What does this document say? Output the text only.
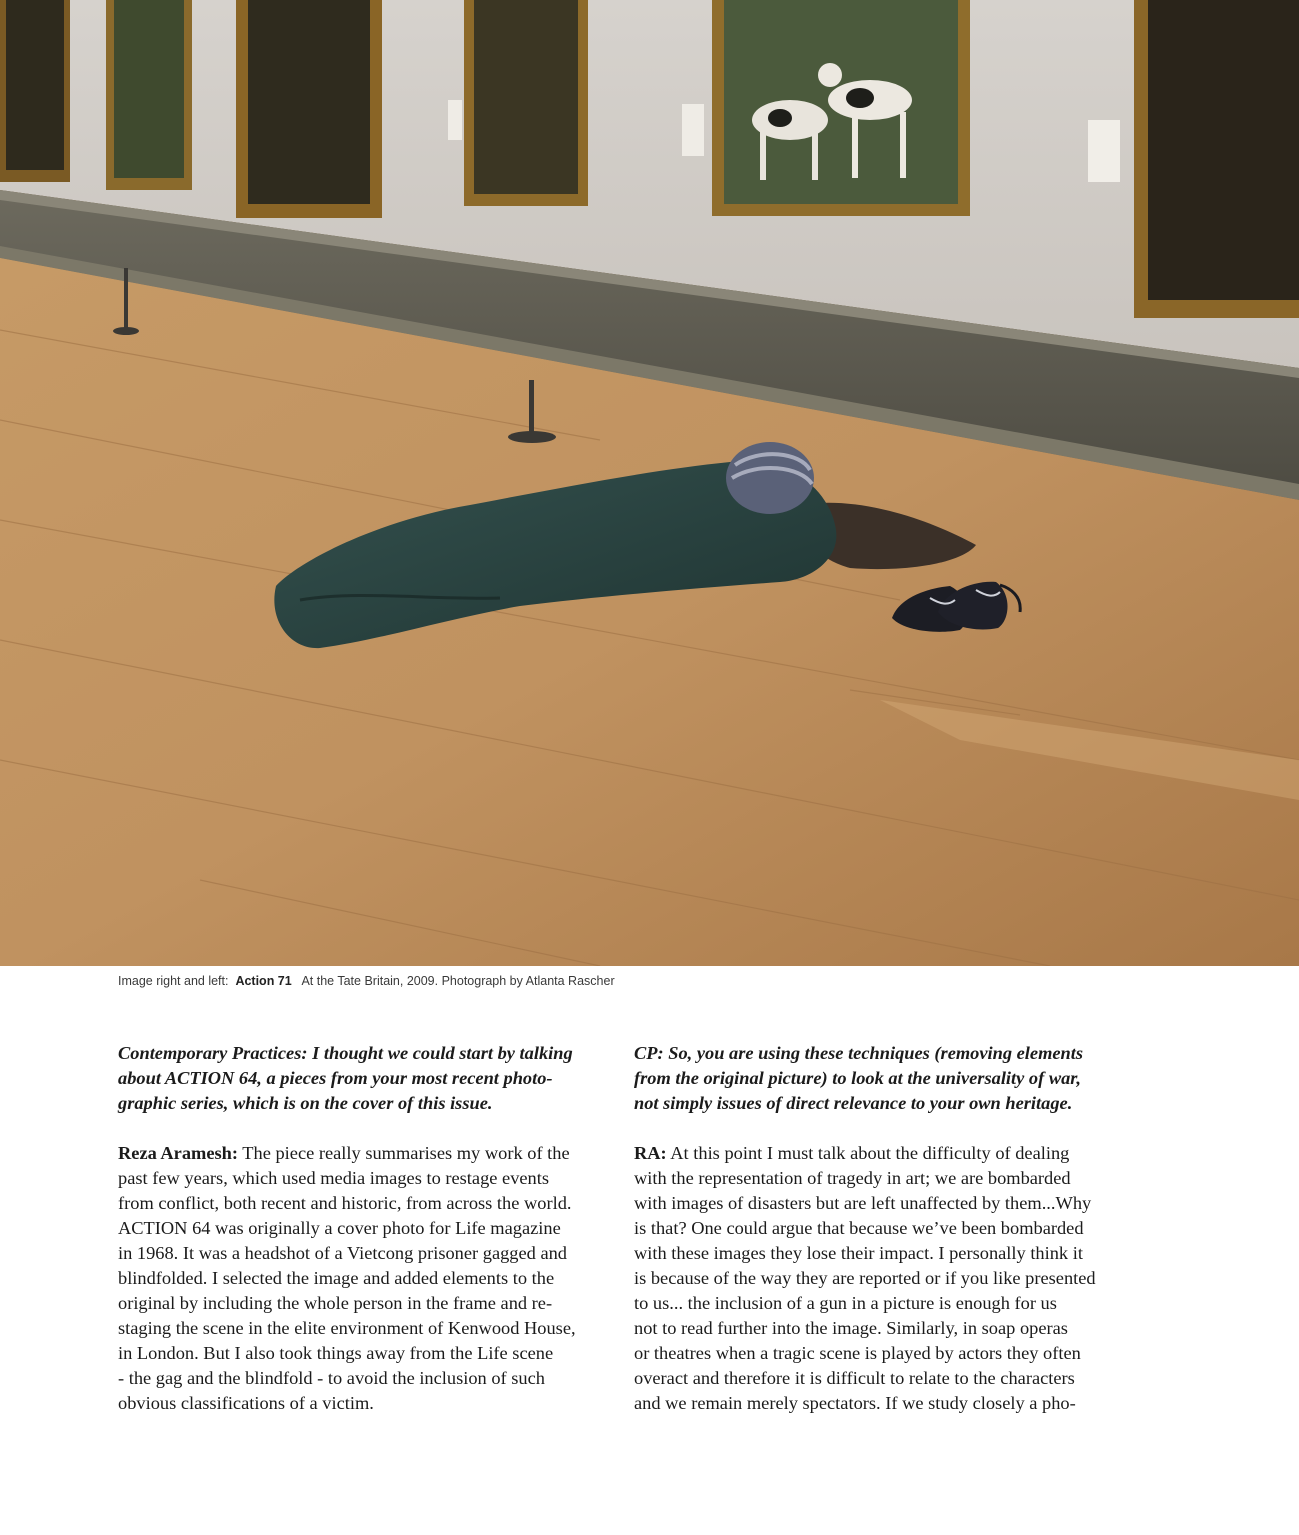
Image right and left: Action 71 At the Tate Britain, 2009. Photograph by Atlanta Rascher
Contemporary Practices: I thought we could start by talking
about ACTION 64, a pieces from your most recent photo-
graphic series, which is on the cover of this issue.
Reza Aramesh: The piece really summarises my work of the
past few years, which used media images to restage events
from conflict, both recent and historic, from across the world.
ACTION 64 was originally a cover photo for Life magazine
in 1968. It was a headshot of a Vietcong prisoner gagged and
blindfolded. I selected the image and added elements to the
original by including the whole person in the frame and re-
staging the scene in the elite environment of Kenwood House,
in London. But I also took things away from the Life scene
- the gag and the blindfold - to avoid the inclusion of such
obvious classifications of a victim.
CP: So, you are using these techniques (removing elements
from the original picture) to look at the universality of war,
not simply issues of direct relevance to your own heritage.
RA: At this point I must talk about the difficulty of dealing
with the representation of tragedy in art; we are bombarded
with images of disasters but are left unaffected by them...Why
is that? One could argue that because we’ve been bombarded
with these images they lose their impact. I personally think it
is because of the way they are reported or if you like presented
to us... the inclusion of a gun in a picture is enough for us
not to read further into the image. Similarly, in soap operas
or theatres when a tragic scene is played by actors they often
overact and therefore it is difficult to relate to the characters
and we remain merely spectators. If we study closely a pho-
